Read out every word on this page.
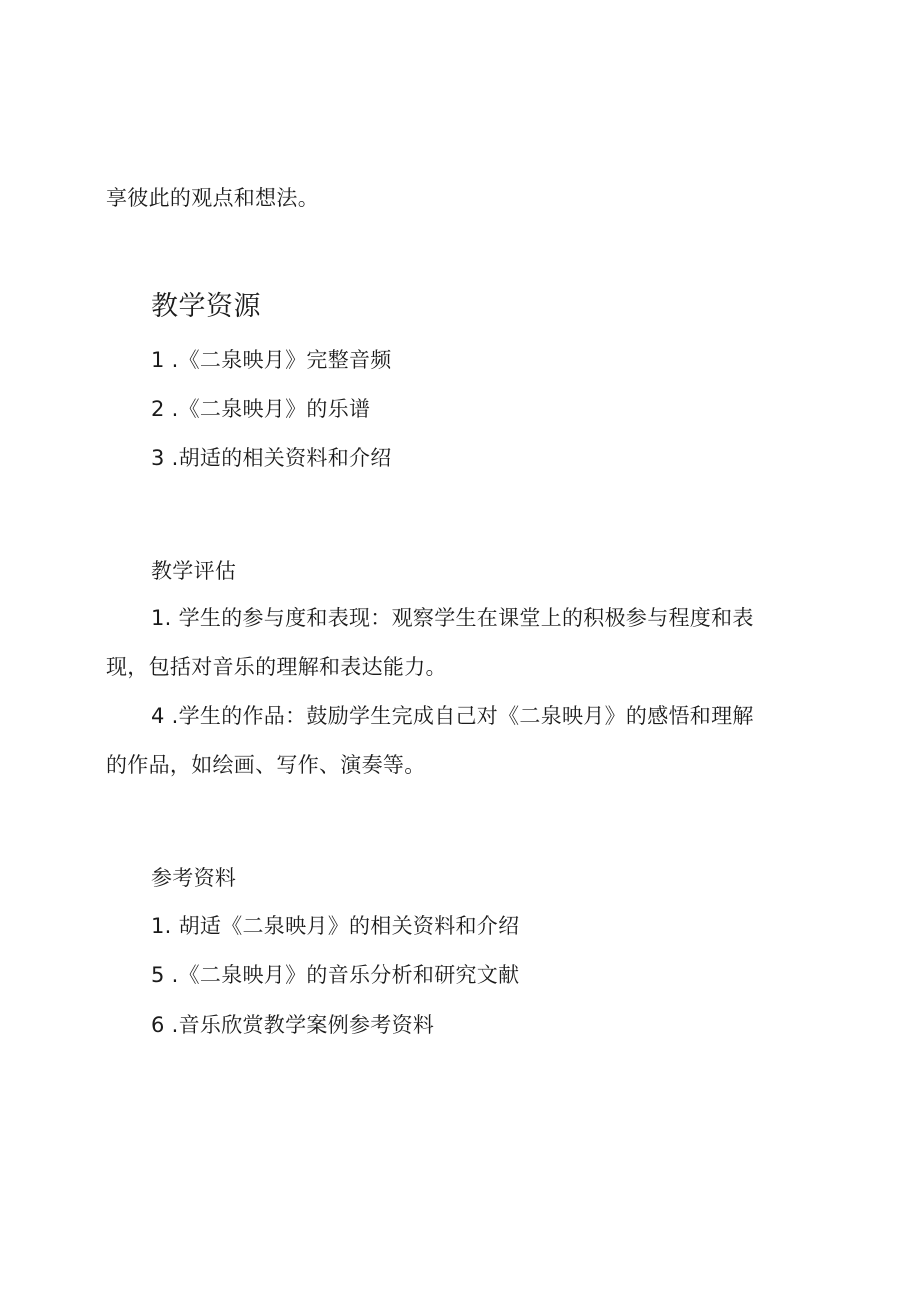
享彼此的观点和想法。
教学资源
1 .《二泉映月》完整音频
2 .《二泉映月》的乐谱
3 .胡适的相关资料和介绍
教学评估
1. 学生的参与度和表现：观察学生在课堂上的积极参与程度和表
现，包括对音乐的理解和表达能力。
4 .学生的作品：鼓励学生完成自己对《二泉映月》的感悟和理解
的作品，如绘画、写作、演奏等。
参考资料
1. 胡适《二泉映月》的相关资料和介绍
5 .《二泉映月》的音乐分析和研究文献
6 .音乐欣赏教学案例参考资料
